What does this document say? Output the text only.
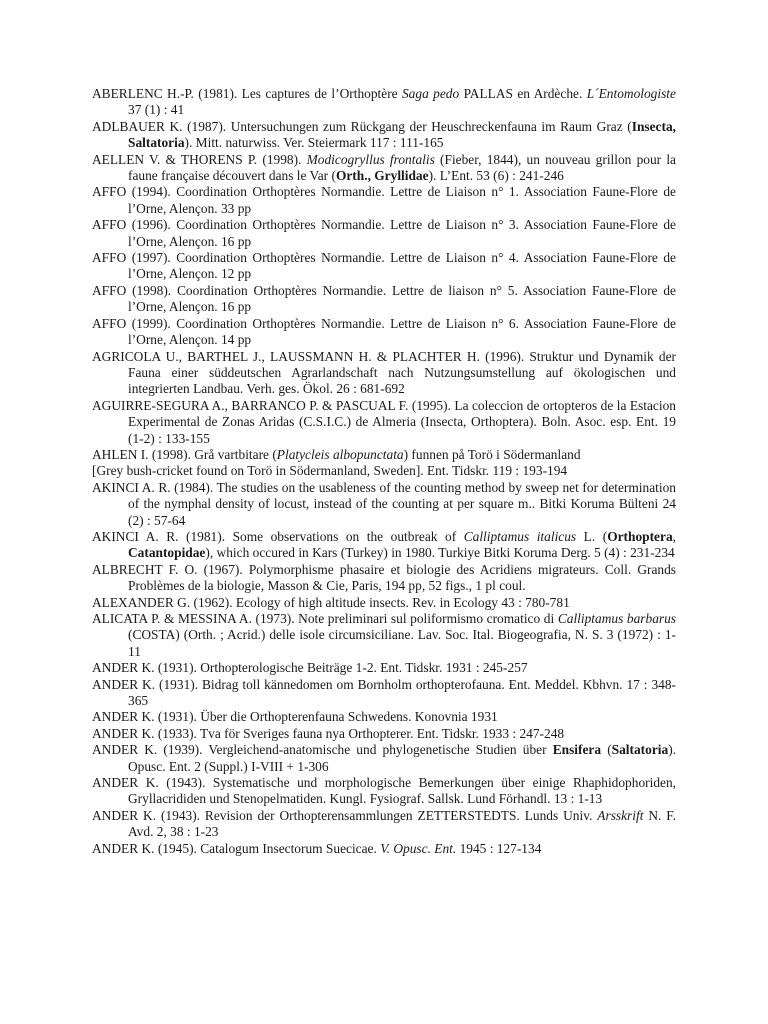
ABERLENC H.-P. (1981). Les captures de l’Orthoptère Saga pedo PALLAS en Ardèche. L´Entomologiste 37 (1) : 41

ADLBAUER K. (1987). Untersuchungen zum Rückgang der Heuschreckenfauna im Raum Graz (Insecta, Saltatoria). Mitt. naturwiss. Ver. Steiermark 117 : 111-165

AELLEN V. & THORENS P. (1998). Modicogryllus frontalis (Fieber, 1844), un nouveau grillon pour la faune française découvert dans le Var (Orth., Gryllidae). L’Ent. 53 (6) : 241-246

AFFO (1994). Coordination Orthoptères Normandie. Lettre de Liaison n° 1. Association Faune-Flore de l’Orne, Alençon. 33 pp

AFFO (1996). Coordination Orthoptères Normandie. Lettre de Liaison n° 3. Association Faune-Flore de l’Orne, Alençon. 16 pp

AFFO (1997). Coordination Orthoptères Normandie. Lettre de Liaison n° 4. Association Faune-Flore de l’Orne, Alençon. 12 pp

AFFO (1998). Coordination Orthoptères Normandie. Lettre de liaison n° 5. Association Faune-Flore de l’Orne, Alençon. 16 pp

AFFO (1999). Coordination Orthoptères Normandie. Lettre de Liaison n° 6. Association Faune-Flore de l’Orne, Alençon. 14 pp

AGRICOLA U., BARTHEL J., LAUSSMANN H. & PLACHTER H. (1996). Struktur und Dynamik der Fauna einer süddeutschen Agrarlandschaft nach Nutzungsumstellung auf ökologischen und integrierten Landbau. Verh. ges. Ökol. 26 : 681-692

AGUIRRE-SEGURA A., BARRANCO P. & PASCUAL F. (1995). La coleccion de ortopteros de la Estacion Experimental de Zonas Aridas (C.S.I.C.) de Almeria (Insecta, Orthoptera). Boln. Asoc. esp. Ent. 19 (1-2) : 133-155

AHLEN I. (1998). Grå vartbitare (Platycleis albopunctata) funnen på Torö i Södermanland

[Grey bush-cricket found on Torö in Södermanland, Sweden]. Ent. Tidskr. 119 : 193-194

AKINCI A. R. (1984). The studies on the usableness of the counting method by sweep net for determination of the nymphal density of locust, instead of the counting at per square m.. Bitki Koruma Bülteni 24 (2) : 57-64

AKINCI A. R. (1981). Some observations on the outbreak of Calliptamus italicus L. (Orthoptera, Catantopidae), which occured in Kars (Turkey) in 1980. Turkiye Bitki Koruma Derg. 5 (4) : 231-234

ALBRECHT F. O. (1967). Polymorphisme phasaire et biologie des Acridiens migrateurs. Coll. Grands Problèmes de la biologie, Masson & Cie, Paris, 194 pp, 52 figs., 1 pl coul.

ALEXANDER G. (1962). Ecology of high altitude insects. Rev. in Ecology 43 : 780-781

ALICATA P. & MESSINA A. (1973). Note preliminari sul poliformismo cromatico di Calliptamus barbarus (COSTA) (Orth. ; Acrid.) delle isole circumsiciliane. Lav. Soc. Ital. Biogeografia, N. S. 3 (1972) : 1-11

ANDER K. (1931). Orthopterologische Beiträge 1-2. Ent. Tidskr. 1931 : 245-257

ANDER K. (1931). Bidrag toll kännedomen om Bornholm orthopterofauna. Ent. Meddel. Kbhvn. 17 : 348-365

ANDER K. (1931). Über die Orthopterenfauna Schwedens. Konovnia 1931

ANDER K. (1933). Tva för Sveriges fauna nya Orthopterer. Ent. Tidskr. 1933 : 247-248

ANDER K. (1939). Vergleichend-anatomische und phylogenetische Studien über Ensifera (Saltatoria). Opusc. Ent. 2 (Suppl.) I-VIII + 1-306

ANDER K. (1943). Systematische und morphologische Bemerkungen über einige Rhaphidophoriden, Gryllacrididen und Stenopelmatiden. Kungl. Fysiograf. Sallsk. Lund Förhandl. 13 : 1-13

ANDER K. (1943). Revision der Orthopterensammlungen ZETTERSTEDTS. Lunds Univ. Arsskrift N. F. Avd. 2, 38 : 1-23

ANDER K. (1945). Catalogum Insectorum Suecicae. V. Opusc. Ent. 1945 : 127-134
